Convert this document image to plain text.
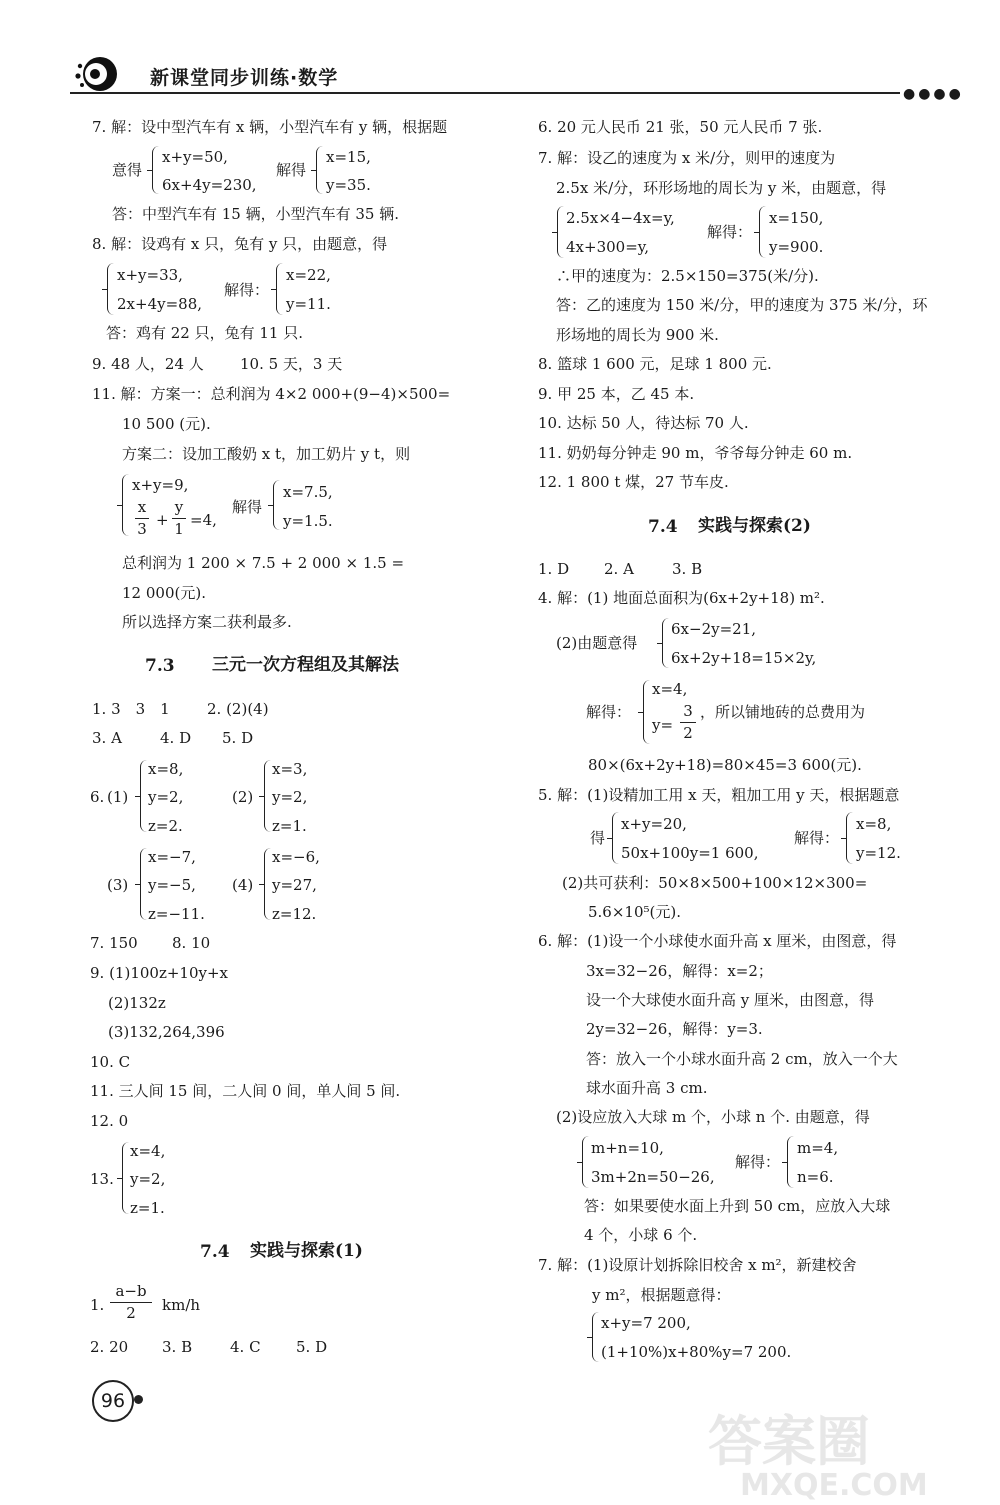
新课堂同步训练·数学
●●●●
7. 解：设中型汽车有 x 辆，小型汽车有 y 辆，根据题
意得
x+y=50,
6x+4y=230,
解得
x=15,
y=35.
答：中型汽车有 15 辆，小型汽车有 35 辆.
8. 解：设鸡有 x 只，兔有 y 只，由题意，得
x+y=33,
2x+4y=88,
解得：
x=22,
y=11.
答：鸡有 22 只，兔有 11 只.
9. 48 人，24 人 10. 5 天，3 天
11. 解：方案一：总利润为 4×2 000+(9−4)×500=
10 500 (元).
方案二：设加工酸奶 x t，加工奶片 y t，则
x+y=9,
$\frac{x}{3} + \frac{y}{1} =4$,
解得
x=7.5,
y=1.5.
总利润为 1 200 × 7.5 + 2 000 × 1.5 =
12 000(元).
所以选择方案二获利最多.
7.3 三元一次方程组及其解法
1. 3　3　1 2. (2)(4)
3. A	4. D 5. D
6. (1)
x=8,
y=2,
z=2.
(2)
x=3,
y=2,
z=1.
(3)
x=−7,
y=−5,
z=−11.
(4)
x=−6,
y=27,
z=12.
7. 150 8. 10
9. (1)100z+10y+x
(2)132z
(3)132,264,396
10. C
11. 三人间 15 间，二人间 0 间，单人间 5 间.
12. 0
13.
x=4,
y=2,
z=1.
7.4 实践与探索(1)
1. $\frac{a-b}{2} km/h$
2. 20 3. B	4. C 5. D
6. 20 元人民币 21 张，50 元人民币 7 张.
7. 解：设乙的速度为 x 米/分，则甲的速度为
2.5x 米/分，环形场地的周长为 y 米，由题意，得
2.5x×4−4x=y,
4x+300=y,
解得：
x=150,
y=900.
∴甲的速度为：2.5×150=375(米/分).
答：乙的速度为 150 米/分，甲的速度为 375 米/分，环
形场地的周长为 900 米.
8. 篮球 1 600 元，足球 1 800 元.
9. 甲 25 本，乙 45 本.
10. 达标 50 人，待达标 70 人.
11. 奶奶每分钟走 90 m，爷爷每分钟走 60 m.
12. 1 800 t 煤，27 节车皮.
7.4 实践与探索(2)
1. D 2. A	3. B
4. 解：(1) 地面总面积为(6x+2y+18) m².
(2)由题意得
6x−2y=21,
6x+2y+18=15×2y,
解得：
x=4,
$y= \frac{3}{2}$ ，所以铺地砖的总费用为
80×(6x+2y+18)=80×45=3 600(元).
5. 解：(1)设精加工用 x 天，粗加工用 y 天，根据题意
得
x+y=20,
50x+100y=1 600,
解得：
x=8,
y=12.
(2)共可获利：50×8×500+100×12×300=
5.6×10⁵(元).
6. 解：(1)设一个小球使水面升高 x 厘米，由图意，得
3x=32−26，解得：x=2；
设一个大球使水面升高 y 厘米，由图意，得
2y=32−26，解得：y=3.
答：放入一个小球水面升高 2 cm，放入一个大
球水面升高 3 cm.
(2)设应放入大球 m 个，小球 n 个. 由题意，得
m+n=10,
3m+2n=50−26,
解得：
m=4,
n=6.
答：如果要使水面上升到 50 cm，应放入大球
4 个，小球 6 个.
7. 解：(1)设原计划拆除旧校舍 x m²，新建校舍
y m²，根据题意得：
x+y=7 200,
(1+10%)x+80%y=7 200.
96
答案圈
MXQE.COM
